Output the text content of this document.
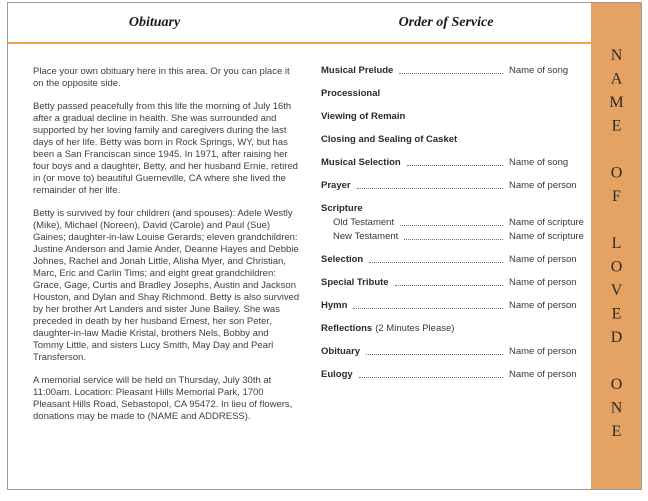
NAME OF LOVED ONE
Obituary	Order of Service

Place your own obituary here in this area. Or you can place it on the opposite side.

Betty passed peacefully from this life the morning of July 16th after a gradual decline in health. She was surrounded and supported by her loving family and caregivers during the last days of her life. Betty was born in Rock Springs, WY, but has been a San Franciscan since 1945. In 1971, after raising her four boys and a daughter, Betty, and her husband Ernie, retired in (or move to) beautiful Guerneville, CA where she lived the remainder of her life.

Betty is survived by four children (and spouses): Adele Westly (Mike), Michael (Noreen), David (Carole) and Paul (Sue) Gaines; daughter-in-law Louise Gerards; eleven grandchildren: Justine Anderson and Jamie Ander, Deanne Hayes and Debbie Johnes, Rachel and Jonah Little, Alisha Myer, and Christian, Marc, Eric and Carlin Tims; and eight great grandchildren: Grace, Gage, Curtis and Bradley Josephs, Austin and Jackson Houston, and Dylan and Shay Richmond. Betty is also survived by her brother Art Landers and sister June Bailey. She was preceded in death by her husband Ernest, her son Peter, daughter-in-law Madie Kristal, brothers Nels, Bobby and Tommy Little, and sisters Lucy Smith, May Day and Pearl Transferson.

A memorial service will be held on Thursday, July 30th at 11:00am. Location: Pleasant Hills Memorial Park, 1700 Pleasant Hills Road, Sebastopol, CA 95472. In lieu of flowers, donations may be made to (NAME and ADDRESS).

Musical Prelude	Name of song
Processional
Viewing of Remain
Closing and Sealing of Casket
Musical Selection	Name of song
Prayer	Name of person
Scripture
Old Testament	Name of scripture
New Testament	Name of scripture
Selection	Name of person
Special Tribute	Name of person
Hymn	Name of person
Reflections (2 Minutes Please)
Obituary	Name of person
Eulogy	Name of person
